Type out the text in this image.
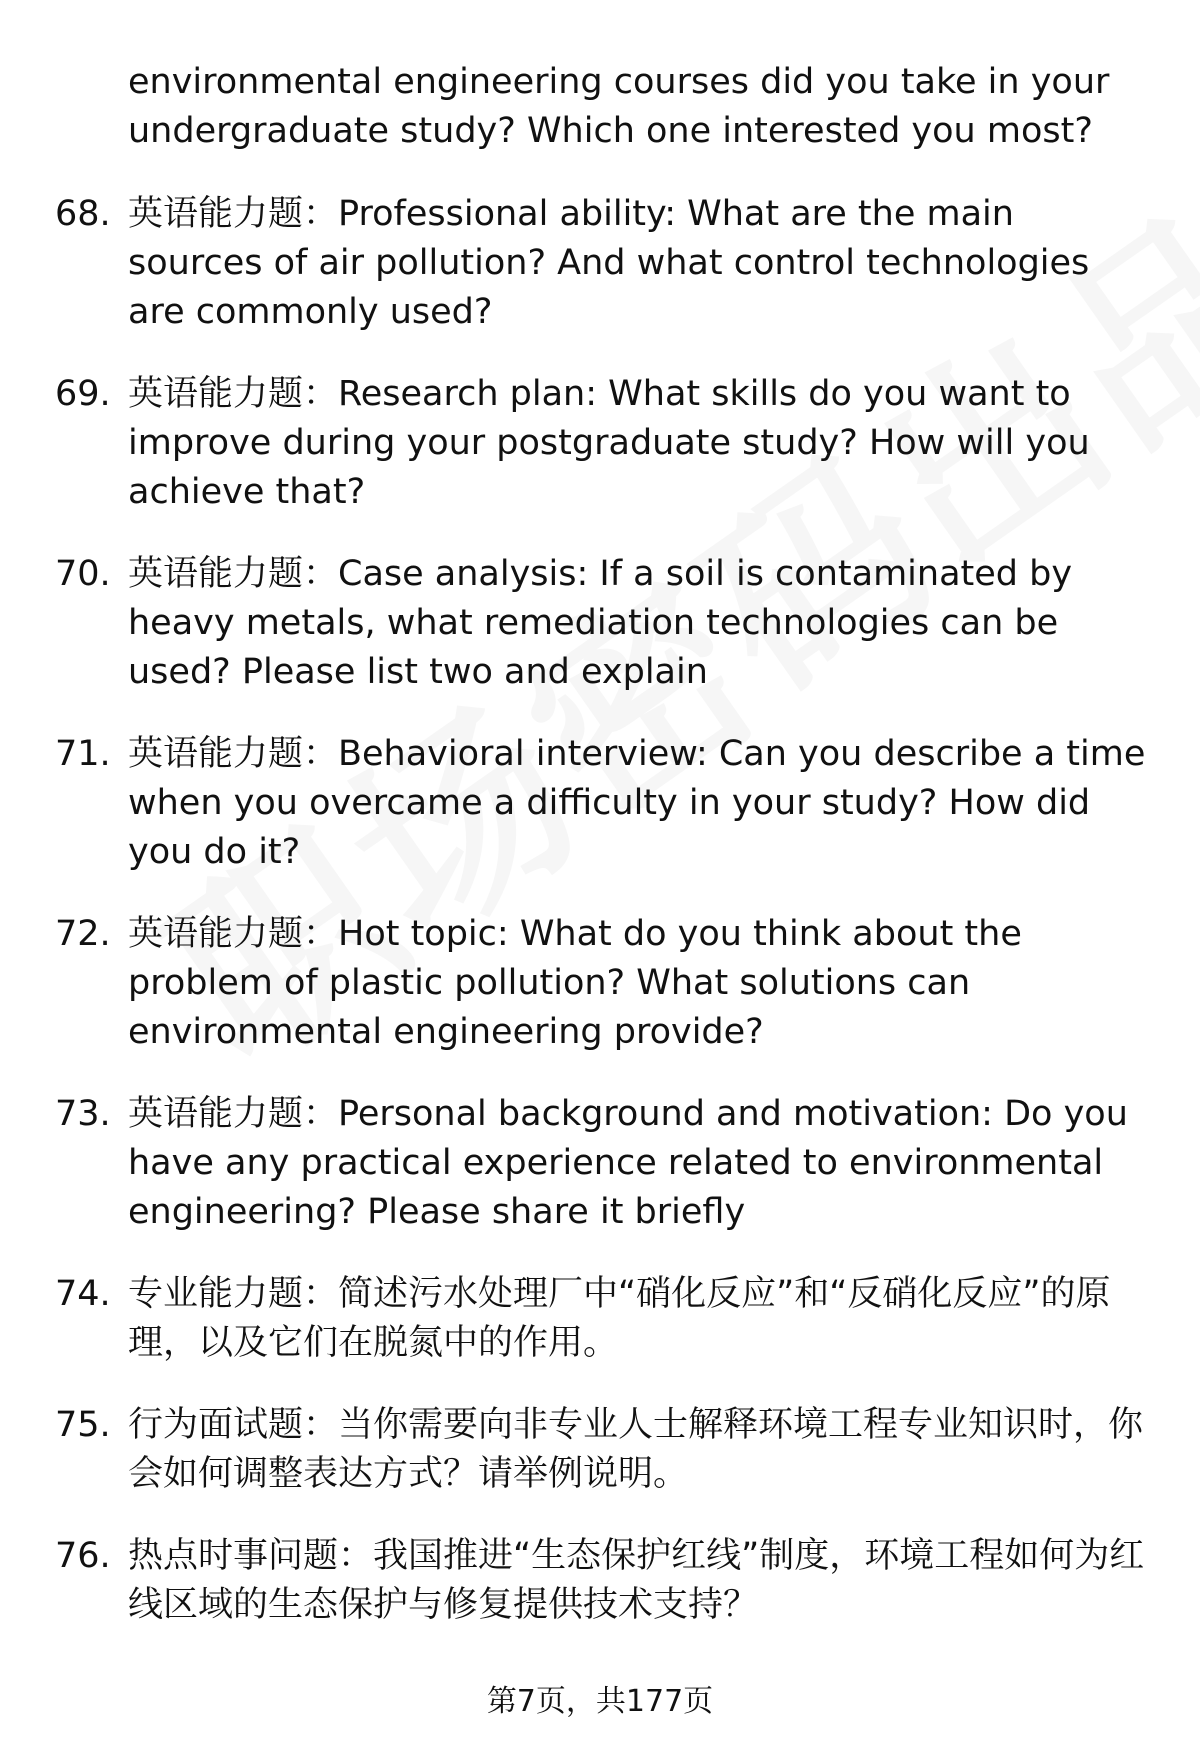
environmental engineering courses did you take in your undergraduate study? Which one interested you most?
68. 英语能力题：Professional ability: What are the main sources of air pollution? And what control technologies are commonly used?
69. 英语能力题：Research plan: What skills do you want to improve during your postgraduate study? How will you achieve that?
70. 英语能力题：Case analysis: If a soil is contaminated by heavy metals, what remediation technologies can be used? Please list two and explain
71. 英语能力题：Behavioral interview: Can you describe a time when you overcame a difficulty in your study? How did you do it?
72. 英语能力题：Hot topic: What do you think about the problem of plastic pollution? What solutions can environmental engineering provide?
73. 英语能力题：Personal background and motivation: Do you have any practical experience related to environmental engineering? Please share it briefly
74. 专业能力题：简述污水处理厂中“硝化反应”和“反硝化反应”的原理，以及它们在脱氮中的作用。
75. 行为面试题：当你需要向非专业人士解释环境工程专业知识时，你会如何调整表达方式？请举例说明。
76. 热点时事问题：我国推进“生态保护红线”制度，环境工程如何为红线区域的生态保护与修复提供技术支持？
第7页，共177页
